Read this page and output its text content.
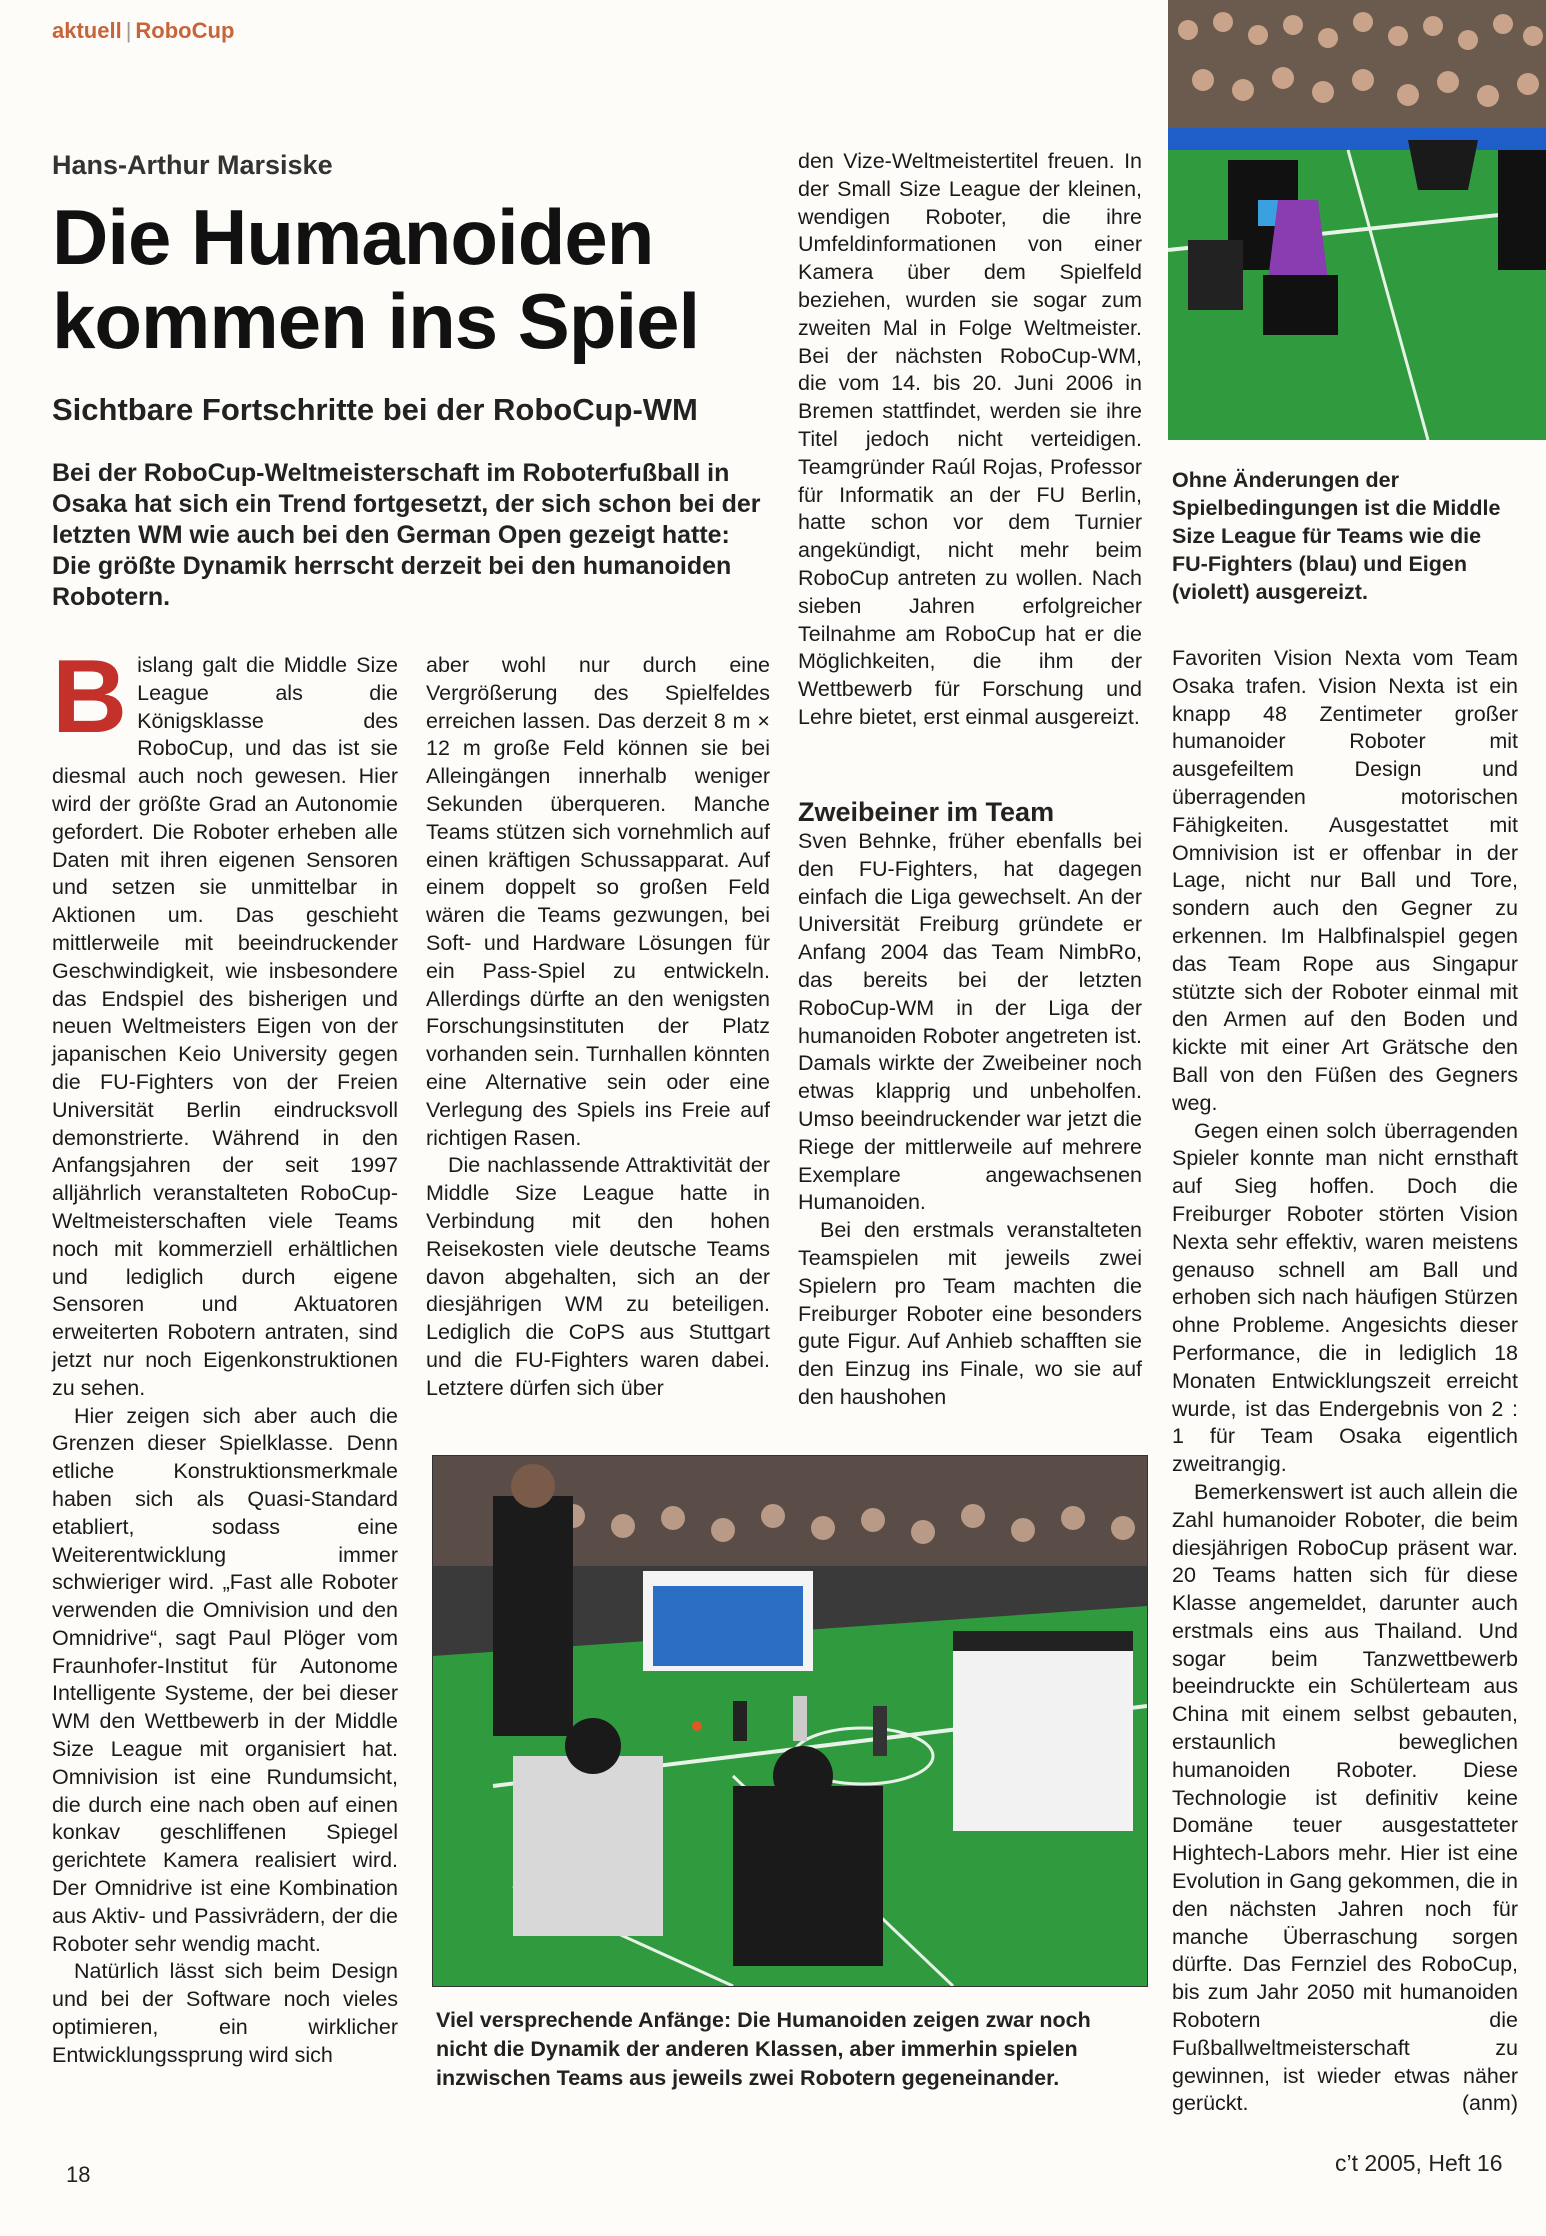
aktuell | RoboCup
Hans-Arthur Marsiske
Die Humanoiden
kommen ins Spiel
Sichtbare Fortschritte bei der RoboCup-WM
Bei der RoboCup-Weltmeisterschaft im Roboterfußball in Osaka hat sich ein Trend fortgesetzt, der sich schon bei der letzten WM wie auch bei den German Open gezeigt hatte: Die größte Dynamik herrscht derzeit bei den humanoiden Robotern.

Bislang galt die Middle Size League als die Königsklasse des RoboCup, und das ist sie diesmal auch noch gewesen. Hier wird der größte Grad an Autonomie gefordert. Die Roboter erheben alle Daten mit ihren eigenen Sensoren und setzen sie unmittelbar in Aktionen um. Das geschieht mittlerweile mit beeindruckender Geschwindigkeit, wie insbesondere das Endspiel des bisherigen und neuen Weltmeisters Eigen von der japanischen Keio University gegen die FU-Fighters von der Freien Universität Berlin eindrucksvoll demonstrierte. Während in den Anfangsjahren der seit 1997 alljährlich veranstalteten RoboCup-Weltmeisterschaften viele Teams noch mit kommerziell erhältlichen und lediglich durch eigene Sensoren und Aktuatoren erweiterten Robotern antraten, sind jetzt nur noch Eigenkonstruktionen zu sehen.

Hier zeigen sich aber auch die Grenzen dieser Spielklasse. Denn etliche Konstruktionsmerkmale haben sich als Quasi-Standard etabliert, sodass eine Weiterentwicklung immer schwieriger wird. „Fast alle Roboter verwenden die Omnivision und den Omnidrive“, sagt Paul Plöger vom Fraunhofer-Institut für Autonome Intelligente Systeme, der bei dieser WM den Wettbewerb in der Middle Size League mit organisiert hat. Omnivision ist eine Rundumsicht, die durch eine nach oben auf einen konkav geschliffenen Spiegel gerichtete Kamera realisiert wird. Der Omnidrive ist eine Kombination aus Aktiv- und Passivrädern, der die Roboter sehr wendig macht.

Natürlich lässt sich beim Design und bei der Software noch vieles optimieren, ein wirklicher Entwicklungssprung wird sich

aber wohl nur durch eine Vergrößerung des Spielfeldes erreichen lassen. Das derzeit 8 m × 12 m große Feld können sie bei Alleingängen innerhalb weniger Sekunden überqueren. Manche Teams stützen sich vornehmlich auf einen kräftigen Schussapparat. Auf einem doppelt so großen Feld wären die Teams gezwungen, bei Soft- und Hardware Lösungen für ein Pass-Spiel zu entwickeln. Allerdings dürfte an den wenigsten Forschungsinstituten der Platz vorhanden sein. Turnhallen könnten eine Alternative sein oder eine Verlegung des Spiels ins Freie auf richtigen Rasen.

Die nachlassende Attraktivität der Middle Size League hatte in Verbindung mit den hohen Reisekosten viele deutsche Teams davon abgehalten, sich an der diesjährigen WM zu beteiligen. Lediglich die CoPS aus Stuttgart und die FU-Fighters waren dabei. Letztere dürfen sich über

den Vize-Weltmeistertitel freuen. In der Small Size League der kleinen, wendigen Roboter, die ihre Umfeldinformationen von einer Kamera über dem Spielfeld beziehen, wurden sie sogar zum zweiten Mal in Folge Weltmeister. Bei der nächsten RoboCup-WM, die vom 14. bis 20. Juni 2006 in Bremen stattfindet, werden sie ihre Titel jedoch nicht verteidigen. Teamgründer Raúl Rojas, Professor für Informatik an der FU Berlin, hatte schon vor dem Turnier angekündigt, nicht mehr beim RoboCup antreten zu wollen. Nach sieben Jahren erfolgreicher Teilnahme am RoboCup hat er die Möglichkeiten, die ihm der Wettbewerb für Forschung und Lehre bietet, erst einmal ausgereizt.

Zweibeiner im Team

Sven Behnke, früher ebenfalls bei den FU-Fighters, hat dagegen einfach die Liga gewechselt. An der Universität Freiburg gründete er Anfang 2004 das Team NimbRo, das bereits bei der letzten RoboCup-WM in der Liga der humanoiden Roboter angetreten ist. Damals wirkte der Zweibeiner noch etwas klapprig und unbeholfen. Umso beeindruckender war jetzt die Riege der mittlerweile auf mehrere Exemplare angewachsenen Humanoiden.

Bei den erstmals veranstalteten Teamspielen mit jeweils zwei Spielern pro Team machten die Freiburger Roboter eine besonders gute Figur. Auf Anhieb schafften sie den Einzug ins Finale, wo sie auf den haushohen

Ohne Änderungen der Spielbedingungen ist die Middle Size League für Teams wie die FU-Fighters (blau) und Eigen (violett) ausgereizt.

Favoriten Vision Nexta vom Team Osaka trafen. Vision Nexta ist ein knapp 48 Zentimeter großer humanoider Roboter mit ausgefeiltem Design und überragenden motorischen Fähigkeiten. Ausgestattet mit Omnivision ist er offenbar in der Lage, nicht nur Ball und Tore, sondern auch den Gegner zu erkennen. Im Halbfinalspiel gegen das Team Rope aus Singapur stützte sich der Roboter einmal mit den Armen auf den Boden und kickte mit einer Art Grätsche den Ball von den Füßen des Gegners weg.

Gegen einen solch überragenden Spieler konnte man nicht ernsthaft auf Sieg hoffen. Doch die Freiburger Roboter störten Vision Nexta sehr effektiv, waren meistens genauso schnell am Ball und erhoben sich nach häufigen Stürzen ohne Probleme. Angesichts dieser Performance, die in lediglich 18 Monaten Entwicklungszeit erreicht wurde, ist das Endergebnis von 2 : 1 für Team Osaka eigentlich zweitrangig.

Bemerkenswert ist auch allein die Zahl humanoider Roboter, die beim diesjährigen RoboCup präsent war. 20 Teams hatten sich für diese Klasse angemeldet, darunter auch erstmals eins aus Thailand. Und sogar beim Tanzwettbewerb beeindruckte ein Schülerteam aus China mit einem selbst gebauten, erstaunlich beweglichen humanoiden Roboter. Diese Technologie ist definitiv keine Domäne teuer ausgestatteter Hightech-Labors mehr. Hier ist eine Evolution in Gang gekommen, die in den nächsten Jahren noch für manche Überraschung sorgen dürfte. Das Fernziel des RoboCup, bis zum Jahr 2050 mit humanoiden Robotern die Fußballweltmeisterschaft zu gewinnen, ist wieder etwas näher gerückt.	(anm)

Viel versprechende Anfänge: Die Humanoiden zeigen zwar noch nicht die Dynamik der anderen Klassen, aber immerhin spielen inzwischen Teams aus jeweils zwei Robotern gegeneinander.
18	c’t 2005, Heft 16
